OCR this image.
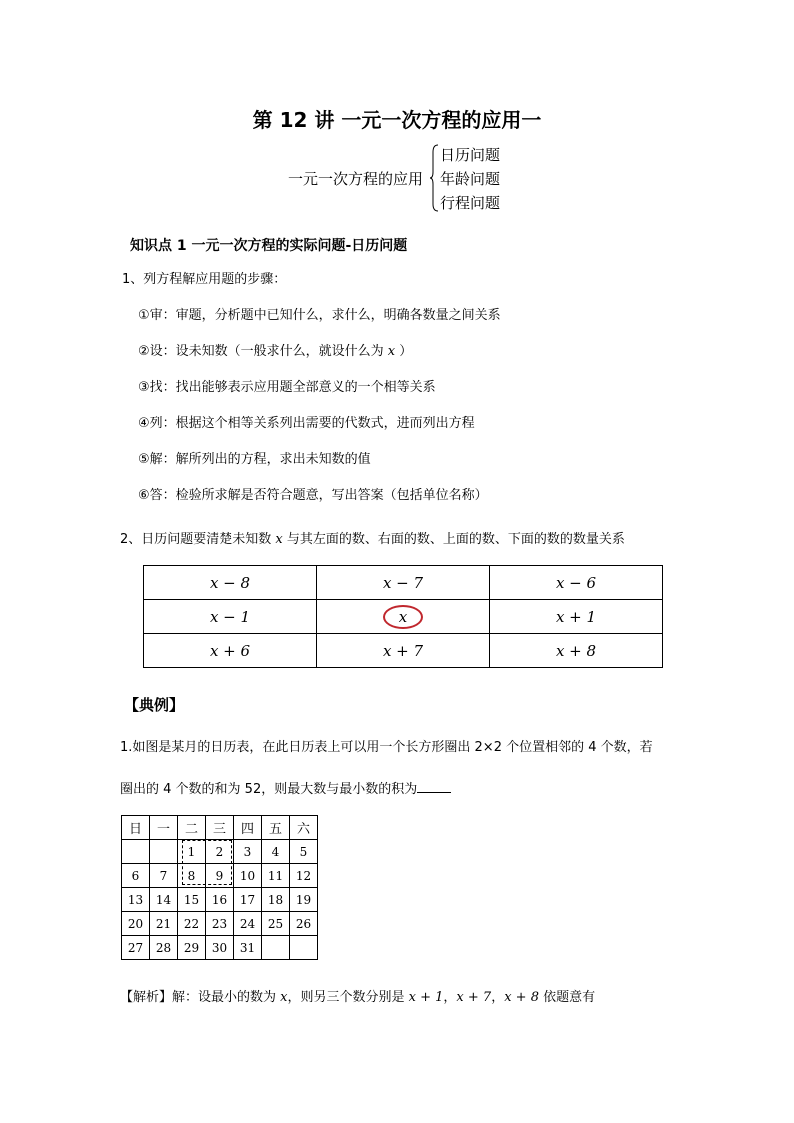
第 12 讲 一元一次方程的应用一
一元一次方程的应用
日历问题
年龄问题
行程问题
知识点 1 一元一次方程的实际问题-日历问题
1、列方程解应用题的步骤：
①审：审题，分析题中已知什么，求什么，明确各数量之间关系
②设：设未知数（一般求什么，就设什么为 x ）
③找：找出能够表示应用题全部意义的一个相等关系
④列：根据这个相等关系列出需要的代数式，进而列出方程
⑤解：解所列出的方程，求出未知数的值
⑥答：检验所求解是否符合题意，写出答案（包括单位名称）
2、日历问题要清楚未知数 x 与其左面的数、右面的数、上面的数、下面的数的数量关系
x − 8	x − 7	x − 6
x − 1	x	x + 1
x + 6	x + 7	x + 8
【典例】
1.如图是某月的日历表，在此日历表上可以用一个长方形圈出 2×2 个位置相邻的 4 个数，若
圈出的 4 个数的和为 52，则最大数与最小数的积为
日	一	二	三	四	五	六
		1	2	3	4	5
6	7	8	9	10	11	12
13	14	15	16	17	18	19
20	21	22	23	24	25	26
27	28	29	30	31		
【解析】解：设最小的数为 x，则另三个数分别是 x + 1，x + 7，x + 8 依题意有
